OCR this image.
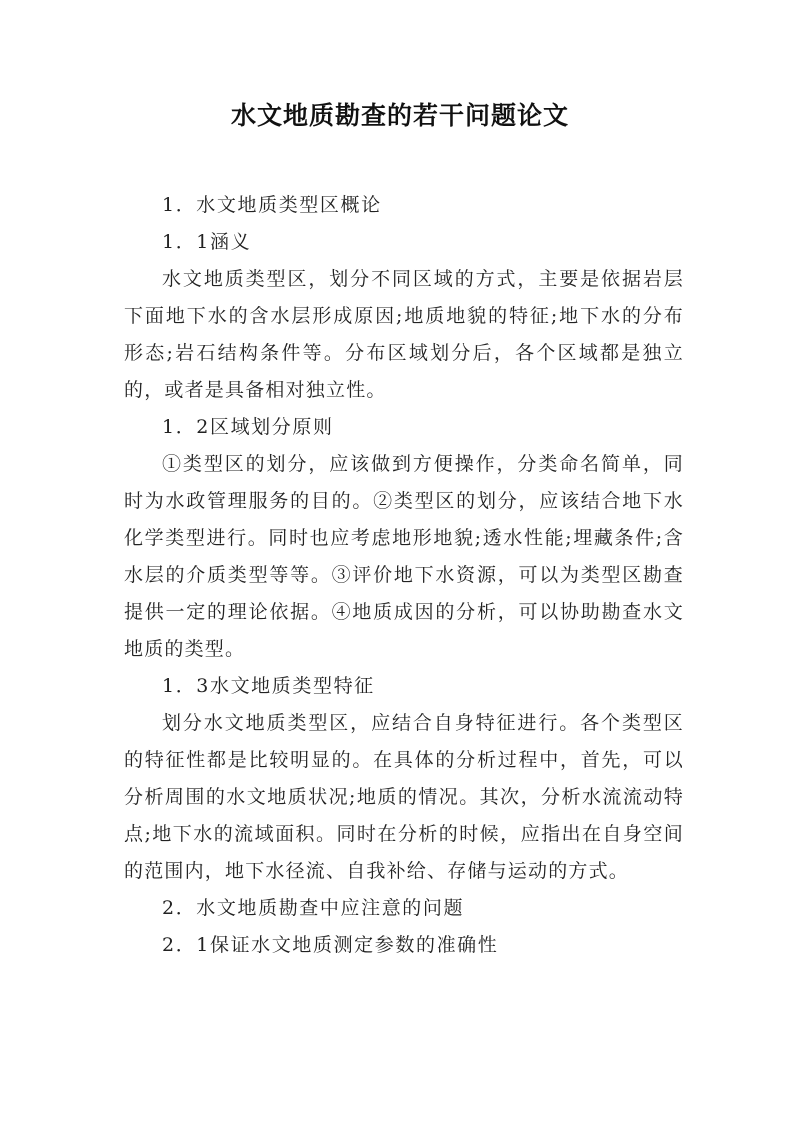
水文地质勘查的若干问题论文

1．水文地质类型区概论

1．1涵义

水文地质类型区，划分不同区域的方式，主要是依据岩层下面地下水的含水层形成原因;地质地貌的特征;地下水的分布形态;岩石结构条件等。分布区域划分后，各个区域都是独立的，或者是具备相对独立性。

1．2区域划分原则

①类型区的划分，应该做到方便操作，分类命名简单，同时为水政管理服务的目的。②类型区的划分，应该结合地下水化学类型进行。同时也应考虑地形地貌;透水性能;埋藏条件;含水层的介质类型等等。③评价地下水资源，可以为类型区勘查提供一定的理论依据。④地质成因的分析，可以协助勘查水文地质的类型。

1．3水文地质类型特征

划分水文地质类型区，应结合自身特征进行。各个类型区的特征性都是比较明显的。在具体的分析过程中，首先，可以分析周围的水文地质状况;地质的情况。其次，分析水流流动特点;地下水的流域面积。同时在分析的时候，应指出在自身空间的范围内，地下水径流、自我补给、存储与运动的方式。

2．水文地质勘查中应注意的问题

2．1保证水文地质测定参数的准确性
